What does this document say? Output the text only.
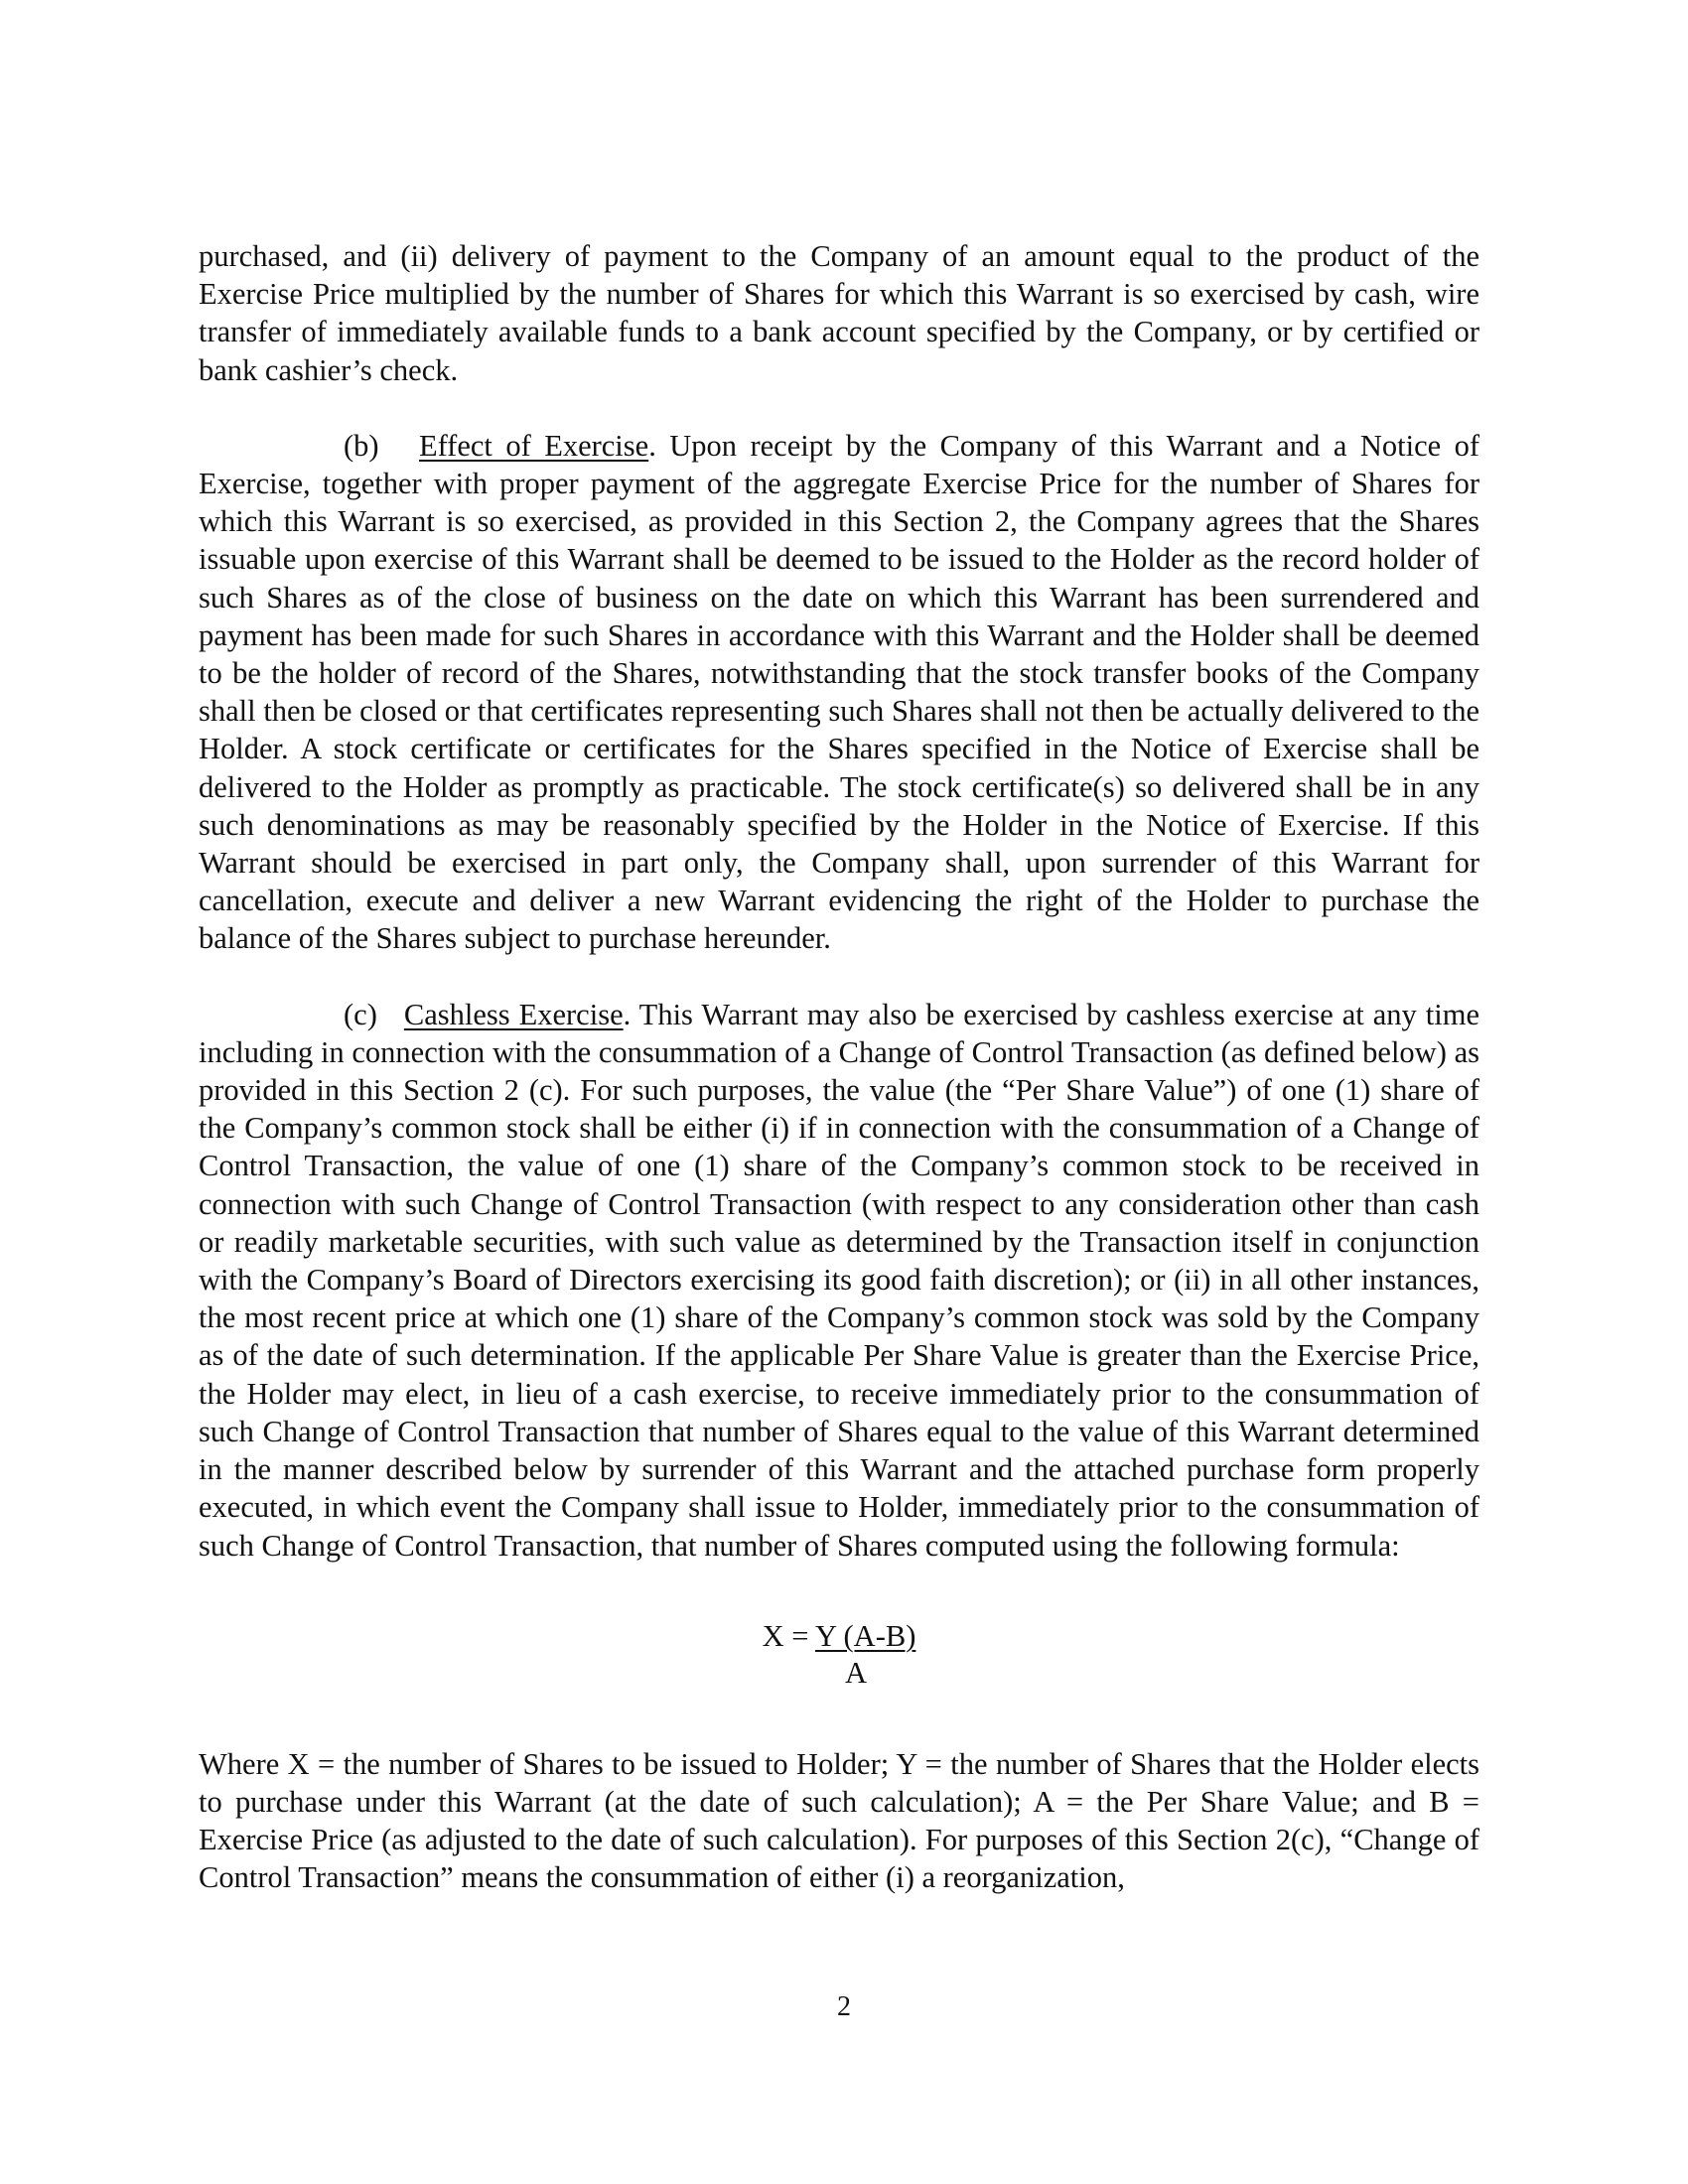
purchased, and (ii) delivery of payment to the Company of an amount equal to the product of the Exercise Price multiplied by the number of Shares for which this Warrant is so exercised by cash, wire transfer of immediately available funds to a bank account specified by the Company, or by certified or bank cashier’s check.

(b) Effect of Exercise. Upon receipt by the Company of this Warrant and a Notice of Exercise, together with proper payment of the aggregate Exercise Price for the number of Shares for which this Warrant is so exercised, as provided in this Section 2, the Company agrees that the Shares issuable upon exercise of this Warrant shall be deemed to be issued to the Holder as the record holder of such Shares as of the close of business on the date on which this Warrant has been surrendered and payment has been made for such Shares in accordance with this Warrant and the Holder shall be deemed to be the holder of record of the Shares, notwithstanding that the stock transfer books of the Company shall then be closed or that certificates representing such Shares shall not then be actually delivered to the Holder. A stock certificate or certificates for the Shares specified in the Notice of Exercise shall be delivered to the Holder as promptly as practicable. The stock certificate(s) so delivered shall be in any such denominations as may be reasonably specified by the Holder in the Notice of Exercise. If this Warrant should be exercised in part only, the Company shall, upon surrender of this Warrant for cancellation, execute and deliver a new Warrant evidencing the right of the Holder to purchase the balance of the Shares subject to purchase hereunder.

(c) Cashless Exercise. This Warrant may also be exercised by cashless exercise at any time including in connection with the consummation of a Change of Control Transaction (as defined below) as provided in this Section 2 (c). For such purposes, the value (the “Per Share Value”) of one (1) share of the Company’s common stock shall be either (i) if in connection with the consummation of a Change of Control Transaction, the value of one (1) share of the Company’s common stock to be received in connection with such Change of Control Transaction (with respect to any consideration other than cash or readily marketable securities, with such value as determined by the Transaction itself in conjunction with the Company’s Board of Directors exercising its good faith discretion); or (ii) in all other instances, the most recent price at which one (1) share of the Company’s common stock was sold by the Company as of the date of such determination. If the applicable Per Share Value is greater than the Exercise Price, the Holder may elect, in lieu of a cash exercise, to receive immediately prior to the consummation of such Change of Control Transaction that number of Shares equal to the value of this Warrant determined in the manner described below by surrender of this Warrant and the attached purchase form properly executed, in which event the Company shall issue to Holder, immediately prior to the consummation of such Change of Control Transaction, that number of Shares computed using the following formula:

X = Y (A-B)
A

Where X = the number of Shares to be issued to Holder; Y = the number of Shares that the Holder elects to purchase under this Warrant (at the date of such calculation); A = the Per Share Value; and B = Exercise Price (as adjusted to the date of such calculation). For purposes of this Section 2(c), “Change of Control Transaction” means the consummation of either (i) a reorganization,

2
